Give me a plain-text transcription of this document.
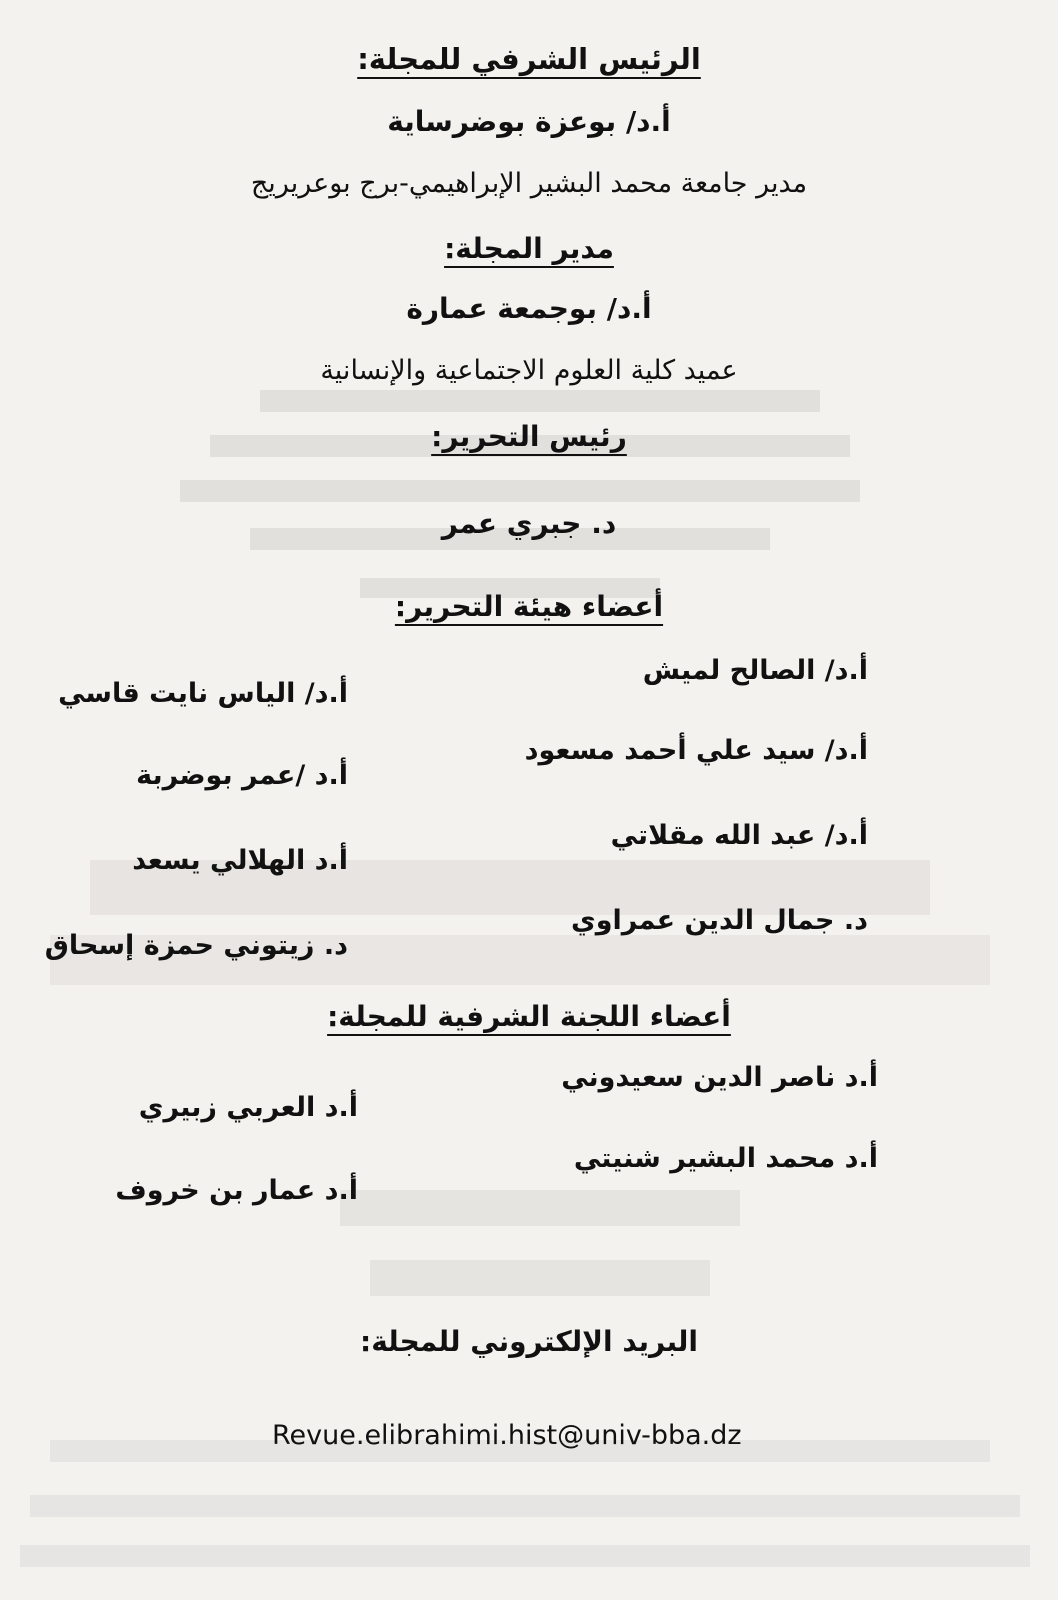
الرئيس الشرفي للمجلة:
أ.د/ بوعزة بوضرساية
مدير جامعة محمد البشير الإبراهيمي-برج بوعريريج
مدير المجلة:
أ.د/ بوجمعة عمارة
عميد كلية العلوم الاجتماعية والإنسانية
رئيس التحرير:
د. جبري عمر
أعضاء هيئة التحرير:
أ.د/ الصالح لميش
أ.د/ الياس نايت قاسي
أ.د/ سيد علي أحمد مسعود
أ.د /عمر بوضربة
أ.د/ عبد الله مقلاتي
أ.د الهلالي يسعد
د. جمال الدين عمراوي
د. زيتوني حمزة إسحاق
أعضاء اللجنة الشرفية للمجلة:
أ.د ناصر الدين سعيدوني
أ.د العربي زبيري
أ.د محمد البشير شنيتي
أ.د عمار بن خروف
البريد الإلكتروني للمجلة:
Revue.elibrahimi.hist@univ-bba.dz
